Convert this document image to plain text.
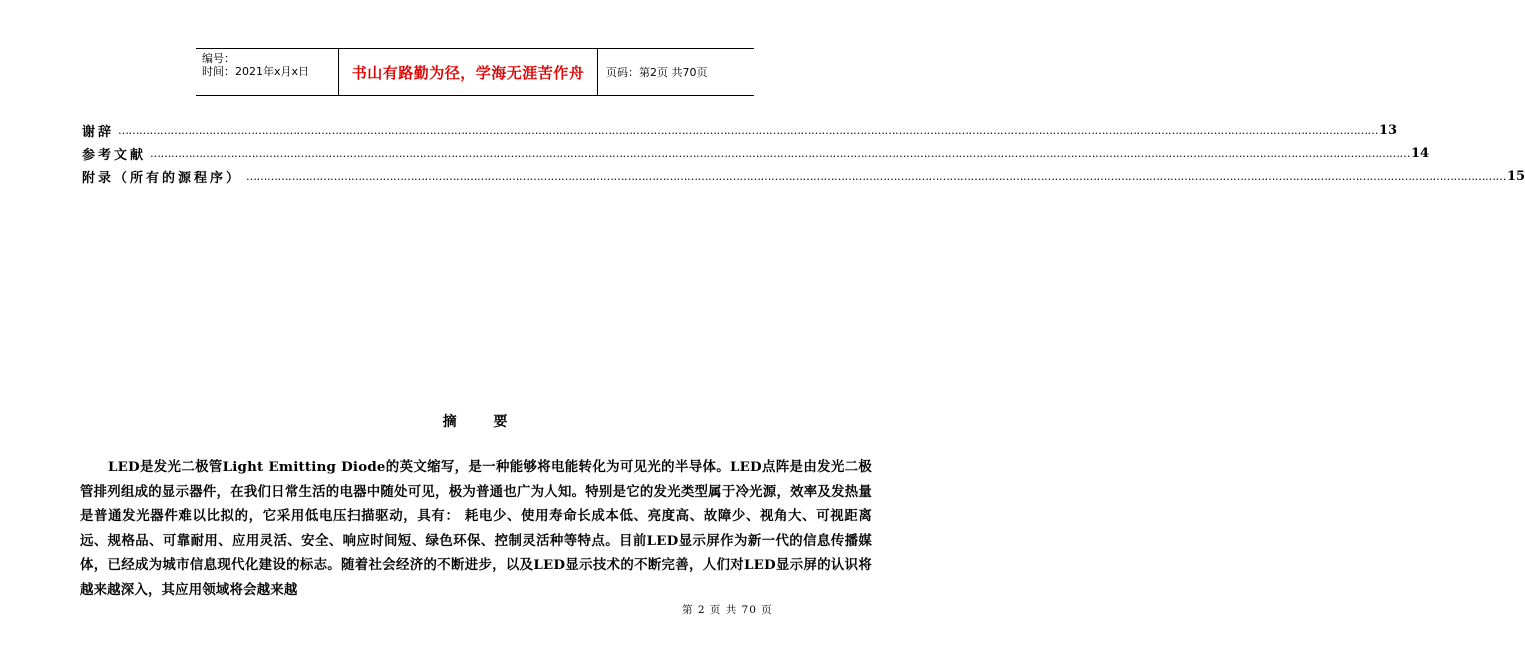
编号：
时间：2021年x月x日	书山有路勤为径，学海无涯苦作舟 页码：第2页 共70页
谢辞 ……………………………………………………………………………………………………………………………………………………………………………………………………………………………………………………………………………………………………………………………… 13
参考文献 ……………………………………………………………………………………………………………………………………………………………………………………………………………………………………………………………………………………………………………………………… 14
附录（所有的源程序） ……………………………………………………………………………………………………………………………………………………………………………………………………………………………………………………………………………………………………………………………… 15
摘 要
LED是发光二极管Light Emitting Diode的英文缩写，是一种能够将电能转化为可见光的半导体。LED点阵是由发光二极管排列组成的显示器件，在我们日常生活的电器中随处可见，极为普通也广为人知。特别是它的发光类型属于冷光源，效率及发热量是普通发光器件难以比拟的，它采用低电压扫描驱动，具有： 耗电少、使用寿命长成本低、亮度高、故障少、视角大、可视距离远、规格品、可靠耐用、应用灵活、安全、响应时间短、绿色环保、控制灵活种等特点。目前LED显示屏作为新一代的信息传播媒体，已经成为城市信息现代化建设的标志。随着社会经济的不断进步，以及LED显示技术的不断完善，人们对LED显示屏的认识将越来越深入，其应用领域将会越来越
第 2 页 共 70 页
